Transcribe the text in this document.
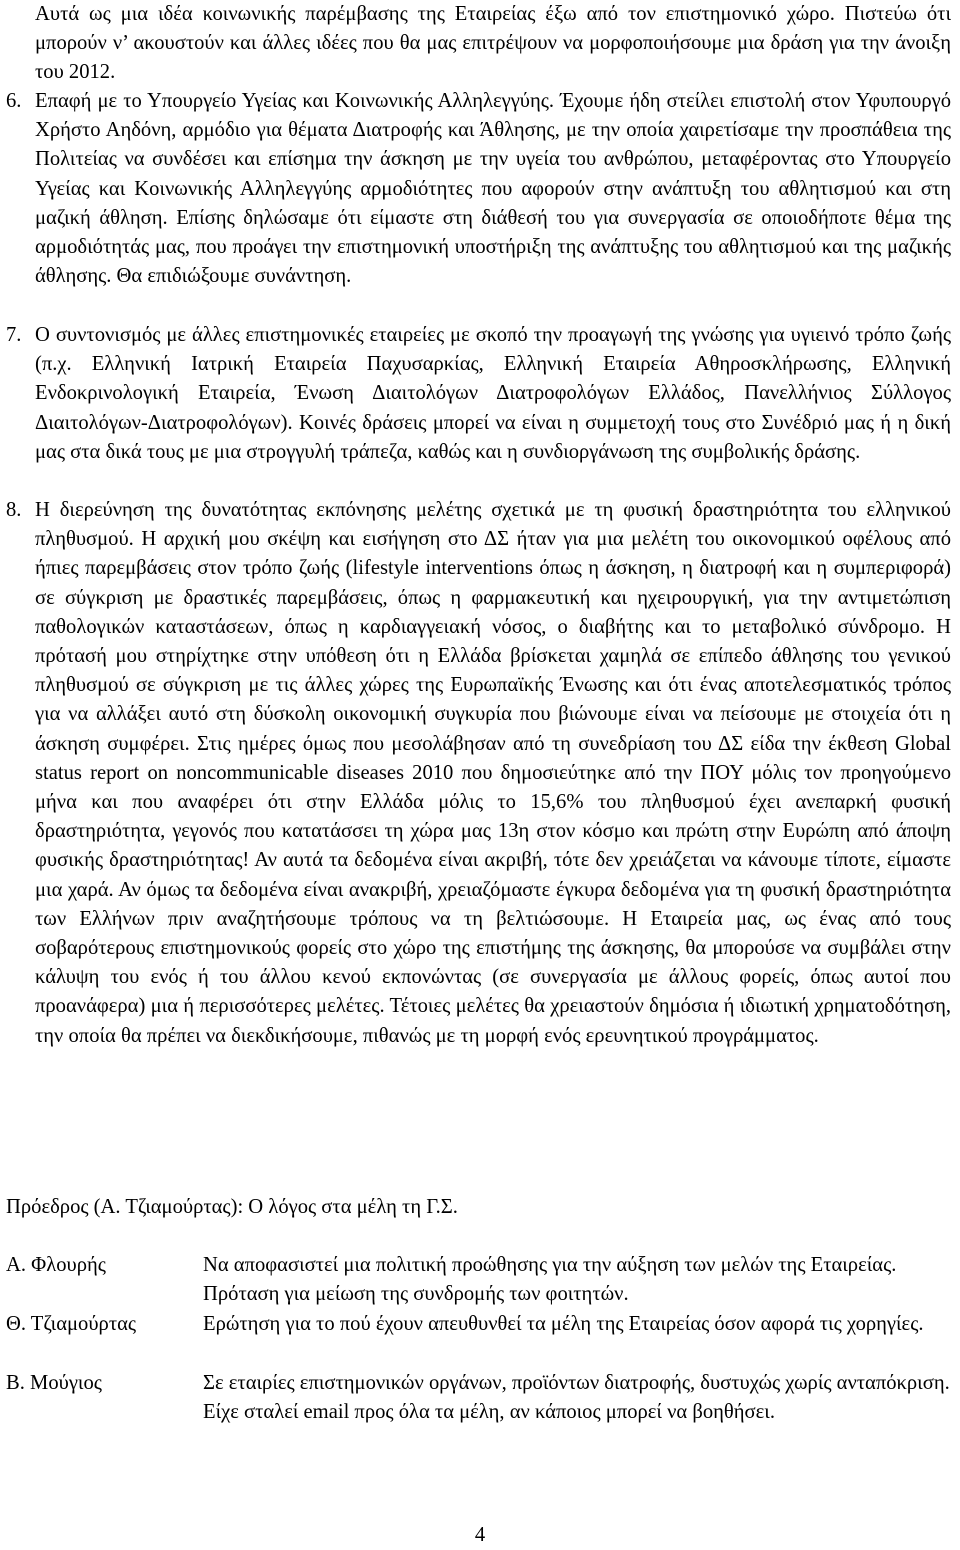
Αυτά ως μια ιδέα κοινωνικής παρέμβασης της Εταιρείας έξω από τον επιστημονικό χώρο. Πιστεύω ότι μπορούν ν’ ακουστούν και άλλες ιδέες που θα μας επιτρέψουν να μορφοποιήσουμε μια δράση για την άνοιξη του 2012.

6. Επαφή με το Υπουργείο Υγείας και Κοινωνικής Αλληλεγγύης. Έχουμε ήδη στείλει επιστολή στον Υφυπουργό Χρήστο Αηδόνη, αρμόδιο για θέματα Διατροφής και Άθλησης, με την οποία χαιρετίσαμε την προσπάθεια της Πολιτείας να συνδέσει και επίσημα την άσκηση με την υγεία του ανθρώπου, μεταφέροντας στο Υπουργείο Υγείας και Κοινωνικής Αλληλεγγύης αρμοδιότητες που αφορούν στην ανάπτυξη του αθλητισμού και στη μαζική άθληση. Επίσης δηλώσαμε ότι είμαστε στη διάθεσή του για συνεργασία σε οποιοδήποτε θέμα της αρμοδιότητάς μας, που προάγει την επιστημονική υποστήριξη της ανάπτυξης του αθλητισμού και της μαζικής άθλησης. Θα επιδιώξουμε συνάντηση.

7. Ο συντονισμός με άλλες επιστημονικές εταιρείες με σκοπό την προαγωγή της γνώσης για υγιεινό τρόπο ζωής (π.χ. Ελληνική Ιατρική Εταιρεία Παχυσαρκίας, Ελληνική Εταιρεία Αθηροσκλήρωσης, Ελληνική Ενδοκρινολογική Εταιρεία, Ένωση Διαιτολόγων Διατροφολόγων Ελλάδος, Πανελλήνιος Σύλλογος Διαιτολόγων-Διατροφολόγων). Κοινές δράσεις μπορεί να είναι η συμμετοχή τους στο Συνέδριό μας ή η δική μας στα δικά τους με μια στρογγυλή τράπεζα, καθώς και η συνδιοργάνωση της συμβολικής δράσης.

8. Η διερεύνηση της δυνατότητας εκπόνησης μελέτης σχετικά με τη φυσική δραστηριότητα του ελληνικού πληθυσμού. Η αρχική μου σκέψη και εισήγηση στο ΔΣ ήταν για μια μελέτη του οικονομικού οφέλους από ήπιες παρεμβάσεις στον τρόπο ζωής (lifestyle interventions όπως η άσκηση, η διατροφή και η συμπεριφορά) σε σύγκριση με δραστικές παρεμβάσεις, όπως η φαρμακευτική και ηχειρουργική, για την αντιμετώπιση παθολογικών καταστάσεων, όπως η καρδιαγγειακή νόσος, ο διαβήτης και το μεταβολικό σύνδρομο. Η πρότασή μου στηρίχτηκε στην υπόθεση ότι η Ελλάδα βρίσκεται χαμηλά σε επίπεδο άθλησης του γενικού πληθυσμού σε σύγκριση με τις άλλες χώρες της Ευρωπαϊκής Ένωσης και ότι ένας αποτελεσματικός τρόπος για να αλλάξει αυτό στη δύσκολη οικονομική συγκυρία που βιώνουμε είναι να πείσουμε με στοιχεία ότι η άσκηση συμφέρει. Στις ημέρες όμως που μεσολάβησαν από τη συνεδρίαση του ΔΣ είδα την έκθεση Global status report on noncommunicable diseases 2010 που δημοσιεύτηκε από την ΠΟΥ μόλις τον προηγούμενο μήνα και που αναφέρει ότι στην Ελλάδα μόλις το 15,6% του πληθυσμού έχει ανεπαρκή φυσική δραστηριότητα, γεγονός που κατατάσσει τη χώρα μας 13η στον κόσμο και πρώτη στην Ευρώπη από άποψη φυσικής δραστηριότητας! Αν αυτά τα δεδομένα είναι ακριβή, τότε δεν χρειάζεται να κάνουμε τίποτε, είμαστε μια χαρά. Αν όμως τα δεδομένα είναι ανακριβή, χρειαζόμαστε έγκυρα δεδομένα για τη φυσική δραστηριότητα των Ελλήνων πριν αναζητήσουμε τρόπους να τη βελτιώσουμε. Η Εταιρεία μας, ως ένας από τους σοβαρότερους επιστημονικούς φορείς στο χώρο της επιστήμης της άσκησης, θα μπορούσε να συμβάλει στην κάλυψη του ενός ή του άλλου κενού εκπονώντας (σε συνεργασία με άλλους φορείς, όπως αυτοί που προανάφερα) μια ή περισσότερες μελέτες. Τέτοιες μελέτες θα χρειαστούν δημόσια ή ιδιωτική χρηματοδότηση, την οποία θα πρέπει να διεκδικήσουμε, πιθανώς με τη μορφή ενός ερευνητικού προγράμματος.

Πρόεδρος (Α. Τζιαμούρτας): Ο λόγος στα μέλη τη Γ.Σ.

Α. Φλουρής	Να αποφασιστεί μια πολιτική προώθησης για την αύξηση των μελών της Εταιρείας. Πρόταση για μείωση της συνδρομής των φοιτητών.

Θ. Τζιαμούρτας	Ερώτηση για το πού έχουν απευθυνθεί τα μέλη της Εταιρείας όσον αφορά τις χορηγίες.

Β. Μούγιος	Σε εταιρίες επιστημονικών οργάνων, προϊόντων διατροφής, δυστυχώς χωρίς ανταπόκριση. Είχε σταλεί email προς όλα τα μέλη, αν κάποιος μπορεί να βοηθήσει.

4
